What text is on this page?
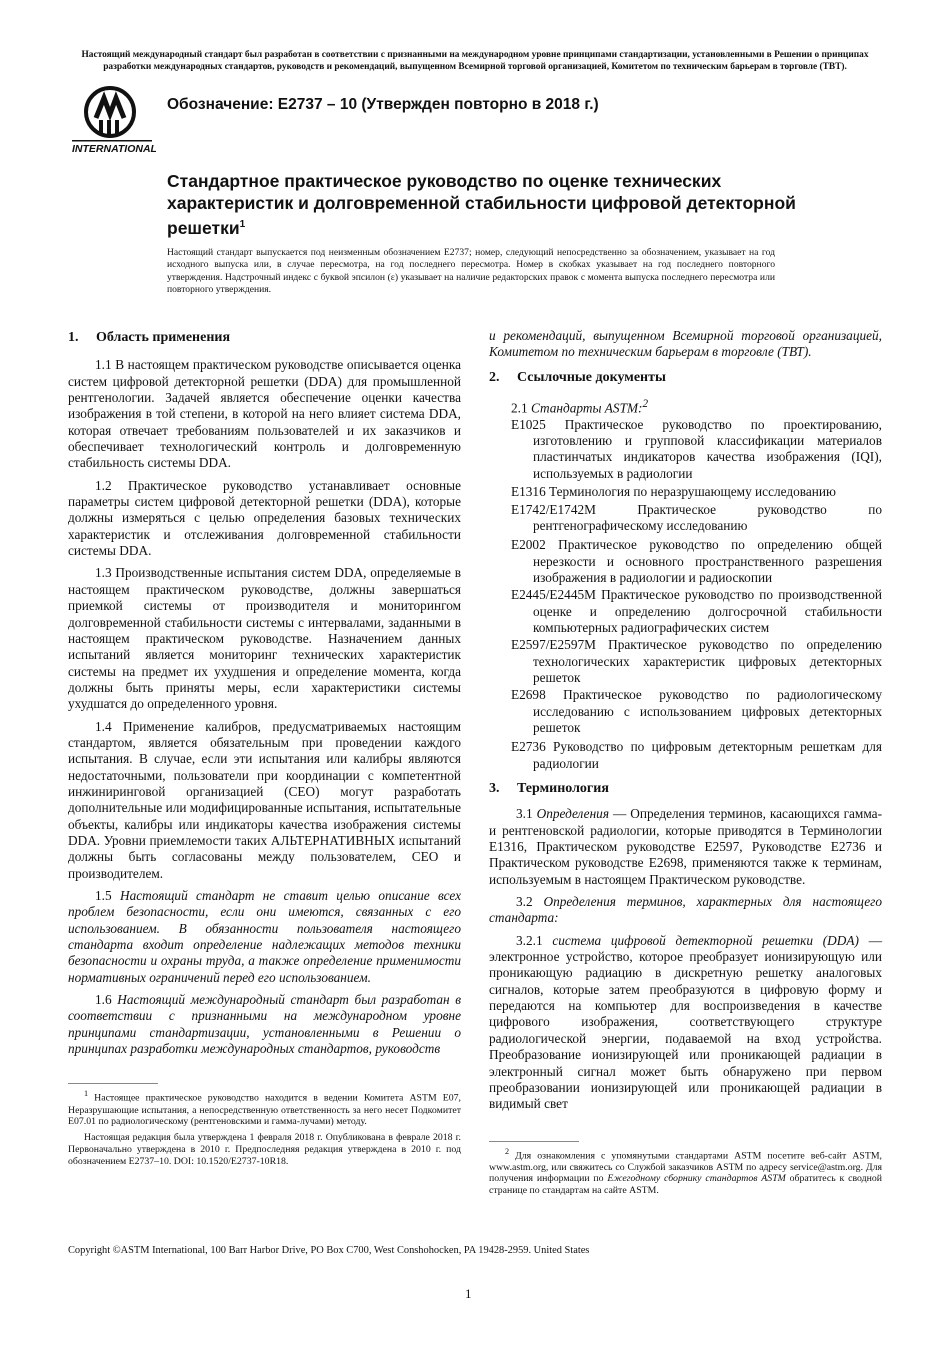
Настоящий международный стандарт был разработан в соответствии с признанными на международном уровне принципами стандартизации, установленными в Решении о принципах разработки международных стандартов, руководств и рекомендаций, выпущенном Всемирной торговой организацией, Комитетом по техническим барьерам в торговле (ТВТ).
INTERNATIONAL
Обозначение: E2737 – 10 (Утвержден повторно в 2018 г.)
Стандартное практическое руководство по оценке технических характеристик и долговременной стабильности цифровой детекторной решетки$^1$
Настоящий стандарт выпускается под неизменным обозначением E2737; номер, следующий непосредственно за обозначением, указывает на год исходного выпуска или, в случае пересмотра, на год последнего пересмотра. Номер в скобках указывает на год последнего повторного утверждения. Надстрочный индекс с буквой эпсилон (ε) указывает на наличие редакторских правок с момента выпуска последнего пересмотра или повторного утверждения.

1. Область применения

1.1 В настоящем практическом руководстве описывается оценка систем цифровой детекторной решетки (DDA) для промышленной рентгенологии. Задачей является обеспечение оценки качества изображения в той степени, в которой на него влияет система DDA, которая отвечает требованиям пользователей и их заказчиков и обеспечивает технологический контроль и долговременную стабильность системы DDA.

1.2 Практическое руководство устанавливает основные параметры систем цифровой детекторной решетки (DDA), которые должны измеряться с целью определения базовых технических характеристик и отслеживания долговременной стабильности системы DDA.

1.3 Производственные испытания систем DDA, определяемые в настоящем практическом руководстве, должны завершаться приемкой системы от производителя и мониторингом долговременной стабильности системы с интервалами, заданными в настоящем практическом руководстве. Назначением данных испытаний является мониторинг технических характеристик системы на предмет их ухудшения и определение момента, когда должны быть приняты меры, если характеристики системы ухудшатся до определенного уровня.

1.4 Применение калибров, предусматриваемых настоящим стандартом, является обязательным при проведении каждого испытания. В случае, если эти испытания или калибры являются недостаточными, пользователи при координации с компетентной инжиниринговой организацией (CEO) могут разработать дополнительные или модифицированные испытания, испытательные объекты, калибры или индикаторы качества изображения системы DDA. Уровни приемлемости таких АЛЬТЕРНАТИВНЫХ испытаний должны быть согласованы между пользователем, CEO и производителем.

1.5 Настоящий стандарт не ставит целью описание всех проблем безопасности, если они имеются, связанных с его использованием. В обязанности пользователя настоящего стандарта входит определение надлежащих методов техники безопасности и охраны труда, а также определение применимости нормативных ограничений перед его использованием.

1.6 Настоящий международный стандарт был разработан в соответствии с признанными на международном уровне принципами стандартизации, установленными в Решении о принципах разработки международных стандартов, руководств

$^1$ Настоящее практическое руководство находится в ведении Комитета ASTM E07, Неразрушающие испытания, а непосредственную ответственность за него несет Подкомитет E07.01 по радиологическому (рентгеновскими и гамма-лучами) методу.

Настоящая редакция была утверждена 1 февраля 2018 г. Опубликована в феврале 2018 г. Первоначально утверждена в 2010 г. Предпоследняя редакция утверждена в 2010 г. под обозначением E2737–10. DOI: 10.1520/E2737-10R18.

и рекомендаций, выпущенном Всемирной торговой организацией, Комитетом по техническим барьерам в торговле (ТВТ).

2. Ссылочные документы

2.1 Стандарты ASTM:$^2$

E1025 Практическое руководство по проектированию, изготовлению и групповой классификации материалов пластинчатых индикаторов качества изображения (IQI), используемых в радиологии

E1316 Терминология по неразрушающему исследованию

E1742/E1742M Практическое руководство по рентгенографическому исследованию

E2002 Практическое руководство по определению общей нерезкости и основного пространственного разрешения изображения в радиологии и радиоскопии

E2445/E2445M Практическое руководство по производственной оценке и определению долгосрочной стабильности компьютерных радиографических систем

E2597/E2597M Практическое руководство по определению технологических характеристик цифровых детекторных решеток

E2698 Практическое руководство по радиологическому исследованию с использованием цифровых детекторных решеток

E2736 Руководство по цифровым детекторным решеткам для радиологии

3. Терминология

3.1 Определения — Определения терминов, касающихся гамма- и рентгеновской радиологии, которые приводятся в Терминологии E1316, Практическом руководстве E2597, Руководстве E2736 и Практическом руководстве E2698, применяются также к терминам, используемым в настоящем Практическом руководстве.

3.2 Определения терминов, характерных для настоящего стандарта:

3.2.1 система цифровой детекторной решетки (DDA) — электронное устройство, которое преобразует ионизирующую или проникающую радиацию в дискретную решетку аналоговых сигналов, которые затем преобразуются в цифровую форму и передаются на компьютер для воспроизведения в качестве цифрового изображения, соответствующего структуре радиологической энергии, подаваемой на вход устройства. Преобразование ионизирующей или проникающей радиации в электронный сигнал может быть обнаружено при первом преобразовании ионизирующей или проникающей радиации в видимый свет

$^2$ Для ознакомления с упомянутыми стандартами ASTM посетите веб-сайт ASTM, www.astm.org, или свяжитесь со Службой заказчиков ASTM по адресу service@astm.org. Для получения информации по Ежегодному сборнику стандартов ASTM обратитесь к сводной странице по стандартам на сайте ASTM.

Copyright ©ASTM International, 100 Barr Harbor Drive, PO Box C700, West Conshohocken, PA 19428-2959. United States
1
